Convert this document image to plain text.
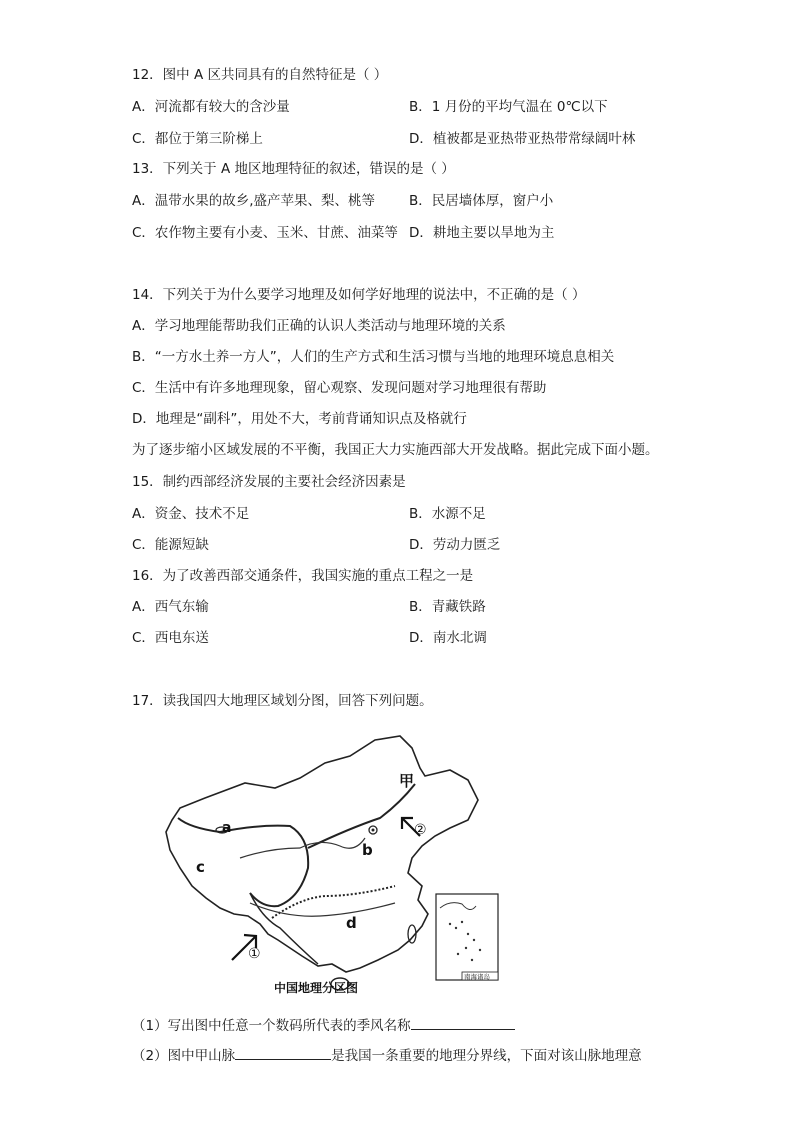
12．图中 A 区共同具有的自然特征是（ ）
A．河流都有较大的含沙量	B．1 月份的平均气温在 0℃以下
C．都位于第三阶梯上	D．植被都是亚热带亚热带常绿阔叶林
13．下列关于 A 地区地理特征的叙述，错误的是（ ）
A．温带水果的故乡,盛产苹果、梨、桃等	B．民居墙体厚，窗户小
C．农作物主要有小麦、玉米、甘蔗、油菜等 D．耕地主要以旱地为主
14．下列关于为什么要学习地理及如何学好地理的说法中，不正确的是（ ）
A．学习地理能帮助我们正确的认识人类活动与地理环境的关系
B．“一方水土养一方人”，人们的生产方式和生活习惯与当地的地理环境息息相关
C．生活中有许多地理现象，留心观察、发现问题对学习地理很有帮助
D．地理是“副科”，用处不大，考前背诵知识点及格就行
为了逐步缩小区域发展的不平衡，我国正大力实施西部大开发战略。据此完成下面小题。
15．制约西部经济发展的主要社会经济因素是
A．资金、技术不足	B．水源不足
C．能源短缺	D．劳动力匮乏
16．为了改善西部交通条件，我国实施的重点工程之一是
A．西气东输	B．青藏铁路
C．西电东送	D．南水北调
17．读我国四大地理区域划分图，回答下列问题。
甲
a
b
c
d
①
②
南海诸岛
中国地理分区图
（1）写出图中任意一个数码所代表的季风名称
（2）图中甲山脉	是我国一条重要的地理分界线，下面对该山脉地理意
